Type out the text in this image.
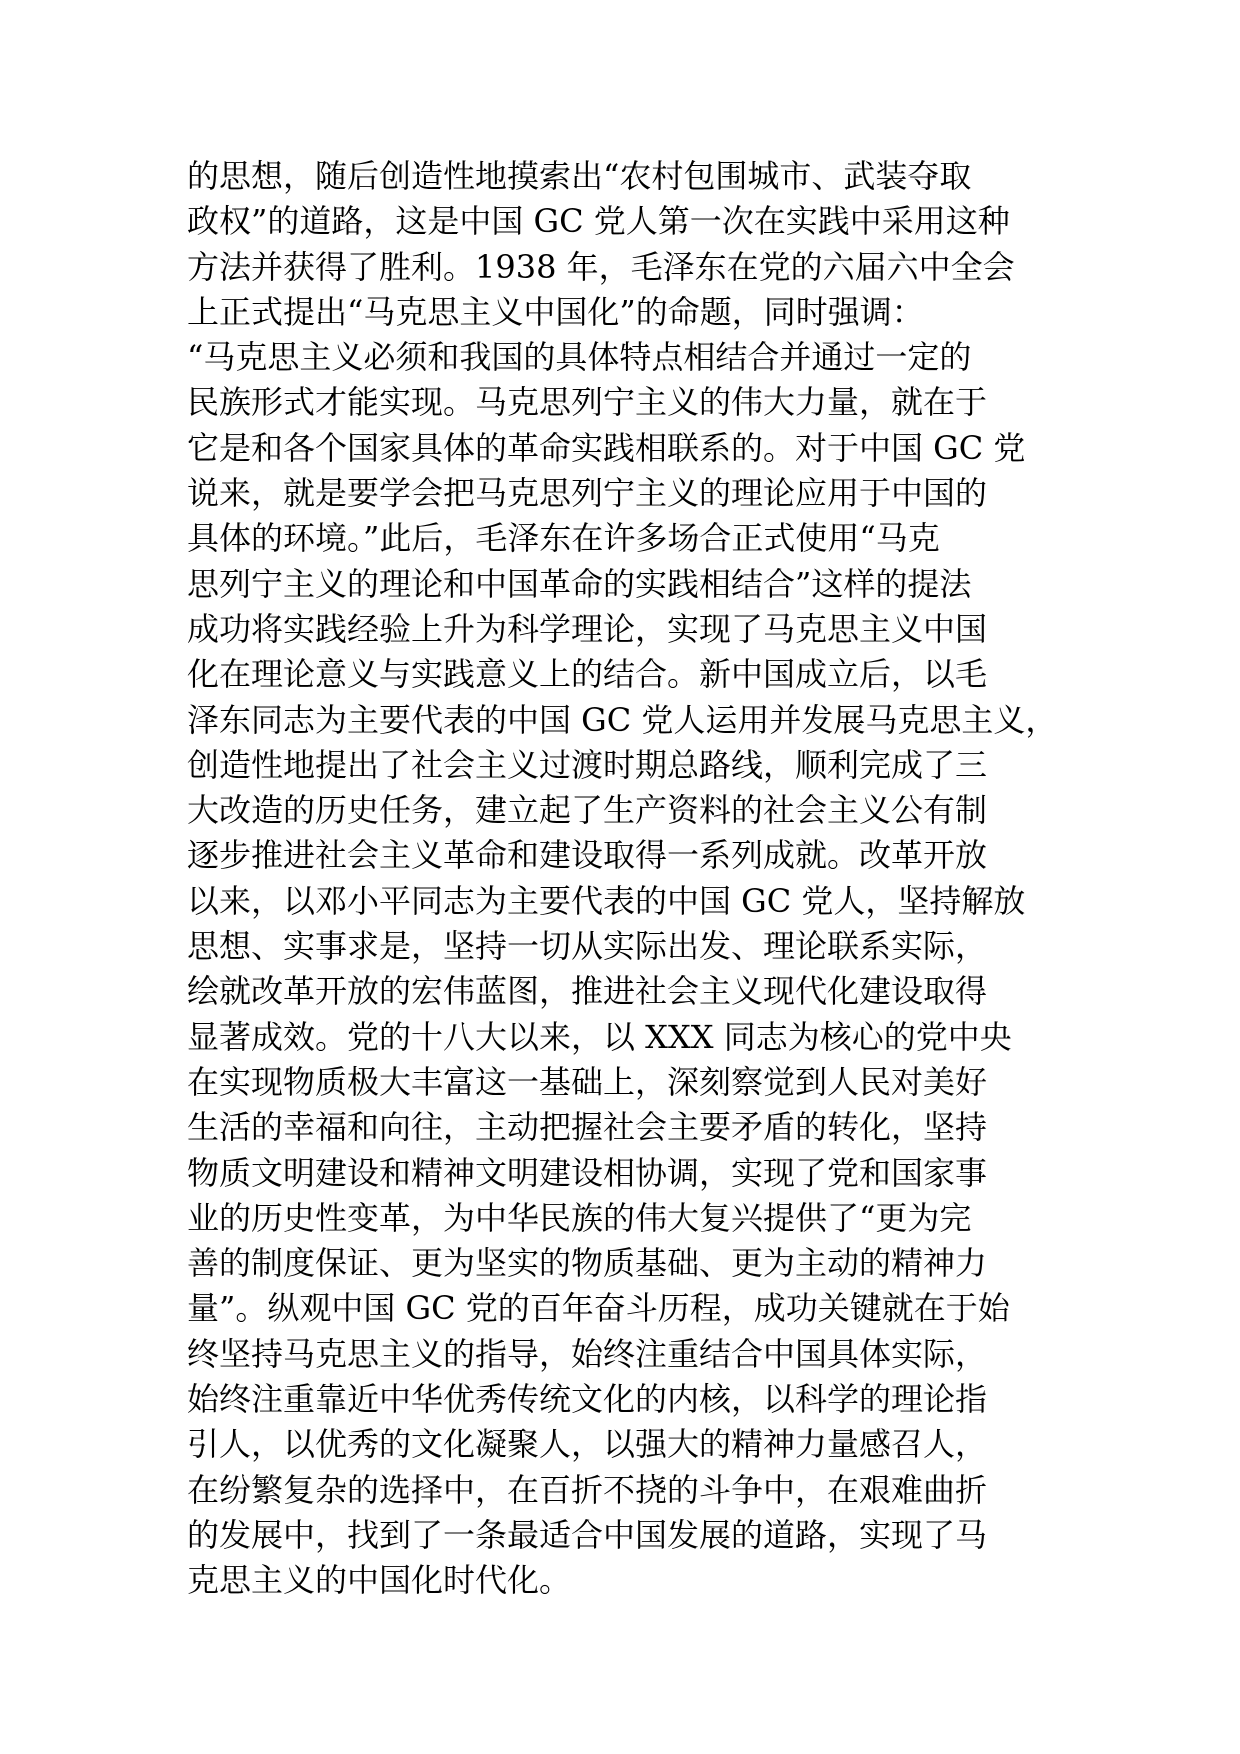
的思想，随后创造性地摸索出“农村包围城市、武装夺取
政权”的道路，这是中国 GC 党人第一次在实践中采用这种
方法并获得了胜利。1938 年，毛泽东在党的六届六中全会
上正式提出“马克思主义中国化”的命题，同时强调：
“马克思主义必须和我国的具体特点相结合并通过一定的
民族形式才能实现。马克思列宁主义的伟大力量，就在于
它是和各个国家具体的革命实践相联系的。对于中国 GC 党
说来，就是要学会把马克思列宁主义的理论应用于中国的
具体的环境。”此后，毛泽东在许多场合正式使用“马克
思列宁主义的理论和中国革命的实践相结合”这样的提法
成功将实践经验上升为科学理论，实现了马克思主义中国
化在理论意义与实践意义上的结合。新中国成立后，以毛
泽东同志为主要代表的中国 GC 党人运用并发展马克思主义，
创造性地提出了社会主义过渡时期总路线，顺利完成了三
大改造的历史任务，建立起了生产资料的社会主义公有制
逐步推进社会主义革命和建设取得一系列成就。改革开放
以来，以邓小平同志为主要代表的中国 GC 党人，坚持解放
思想、实事求是，坚持一切从实际出发、理论联系实际，
绘就改革开放的宏伟蓝图，推进社会主义现代化建设取得
显著成效。党的十八大以来，以 XXX 同志为核心的党中央
在实现物质极大丰富这一基础上，深刻察觉到人民对美好
生活的幸福和向往，主动把握社会主要矛盾的转化，坚持
物质文明建设和精神文明建设相协调，实现了党和国家事
业的历史性变革，为中华民族的伟大复兴提供了“更为完
善的制度保证、更为坚实的物质基础、更为主动的精神力
量”。纵观中国 GC 党的百年奋斗历程，成功关键就在于始
终坚持马克思主义的指导，始终注重结合中国具体实际，
始终注重靠近中华优秀传统文化的内核，以科学的理论指
引人，以优秀的文化凝聚人，以强大的精神力量感召人，
在纷繁复杂的选择中，在百折不挠的斗争中，在艰难曲折
的发展中，找到了一条最适合中国发展的道路，实现了马
克思主义的中国化时代化。
